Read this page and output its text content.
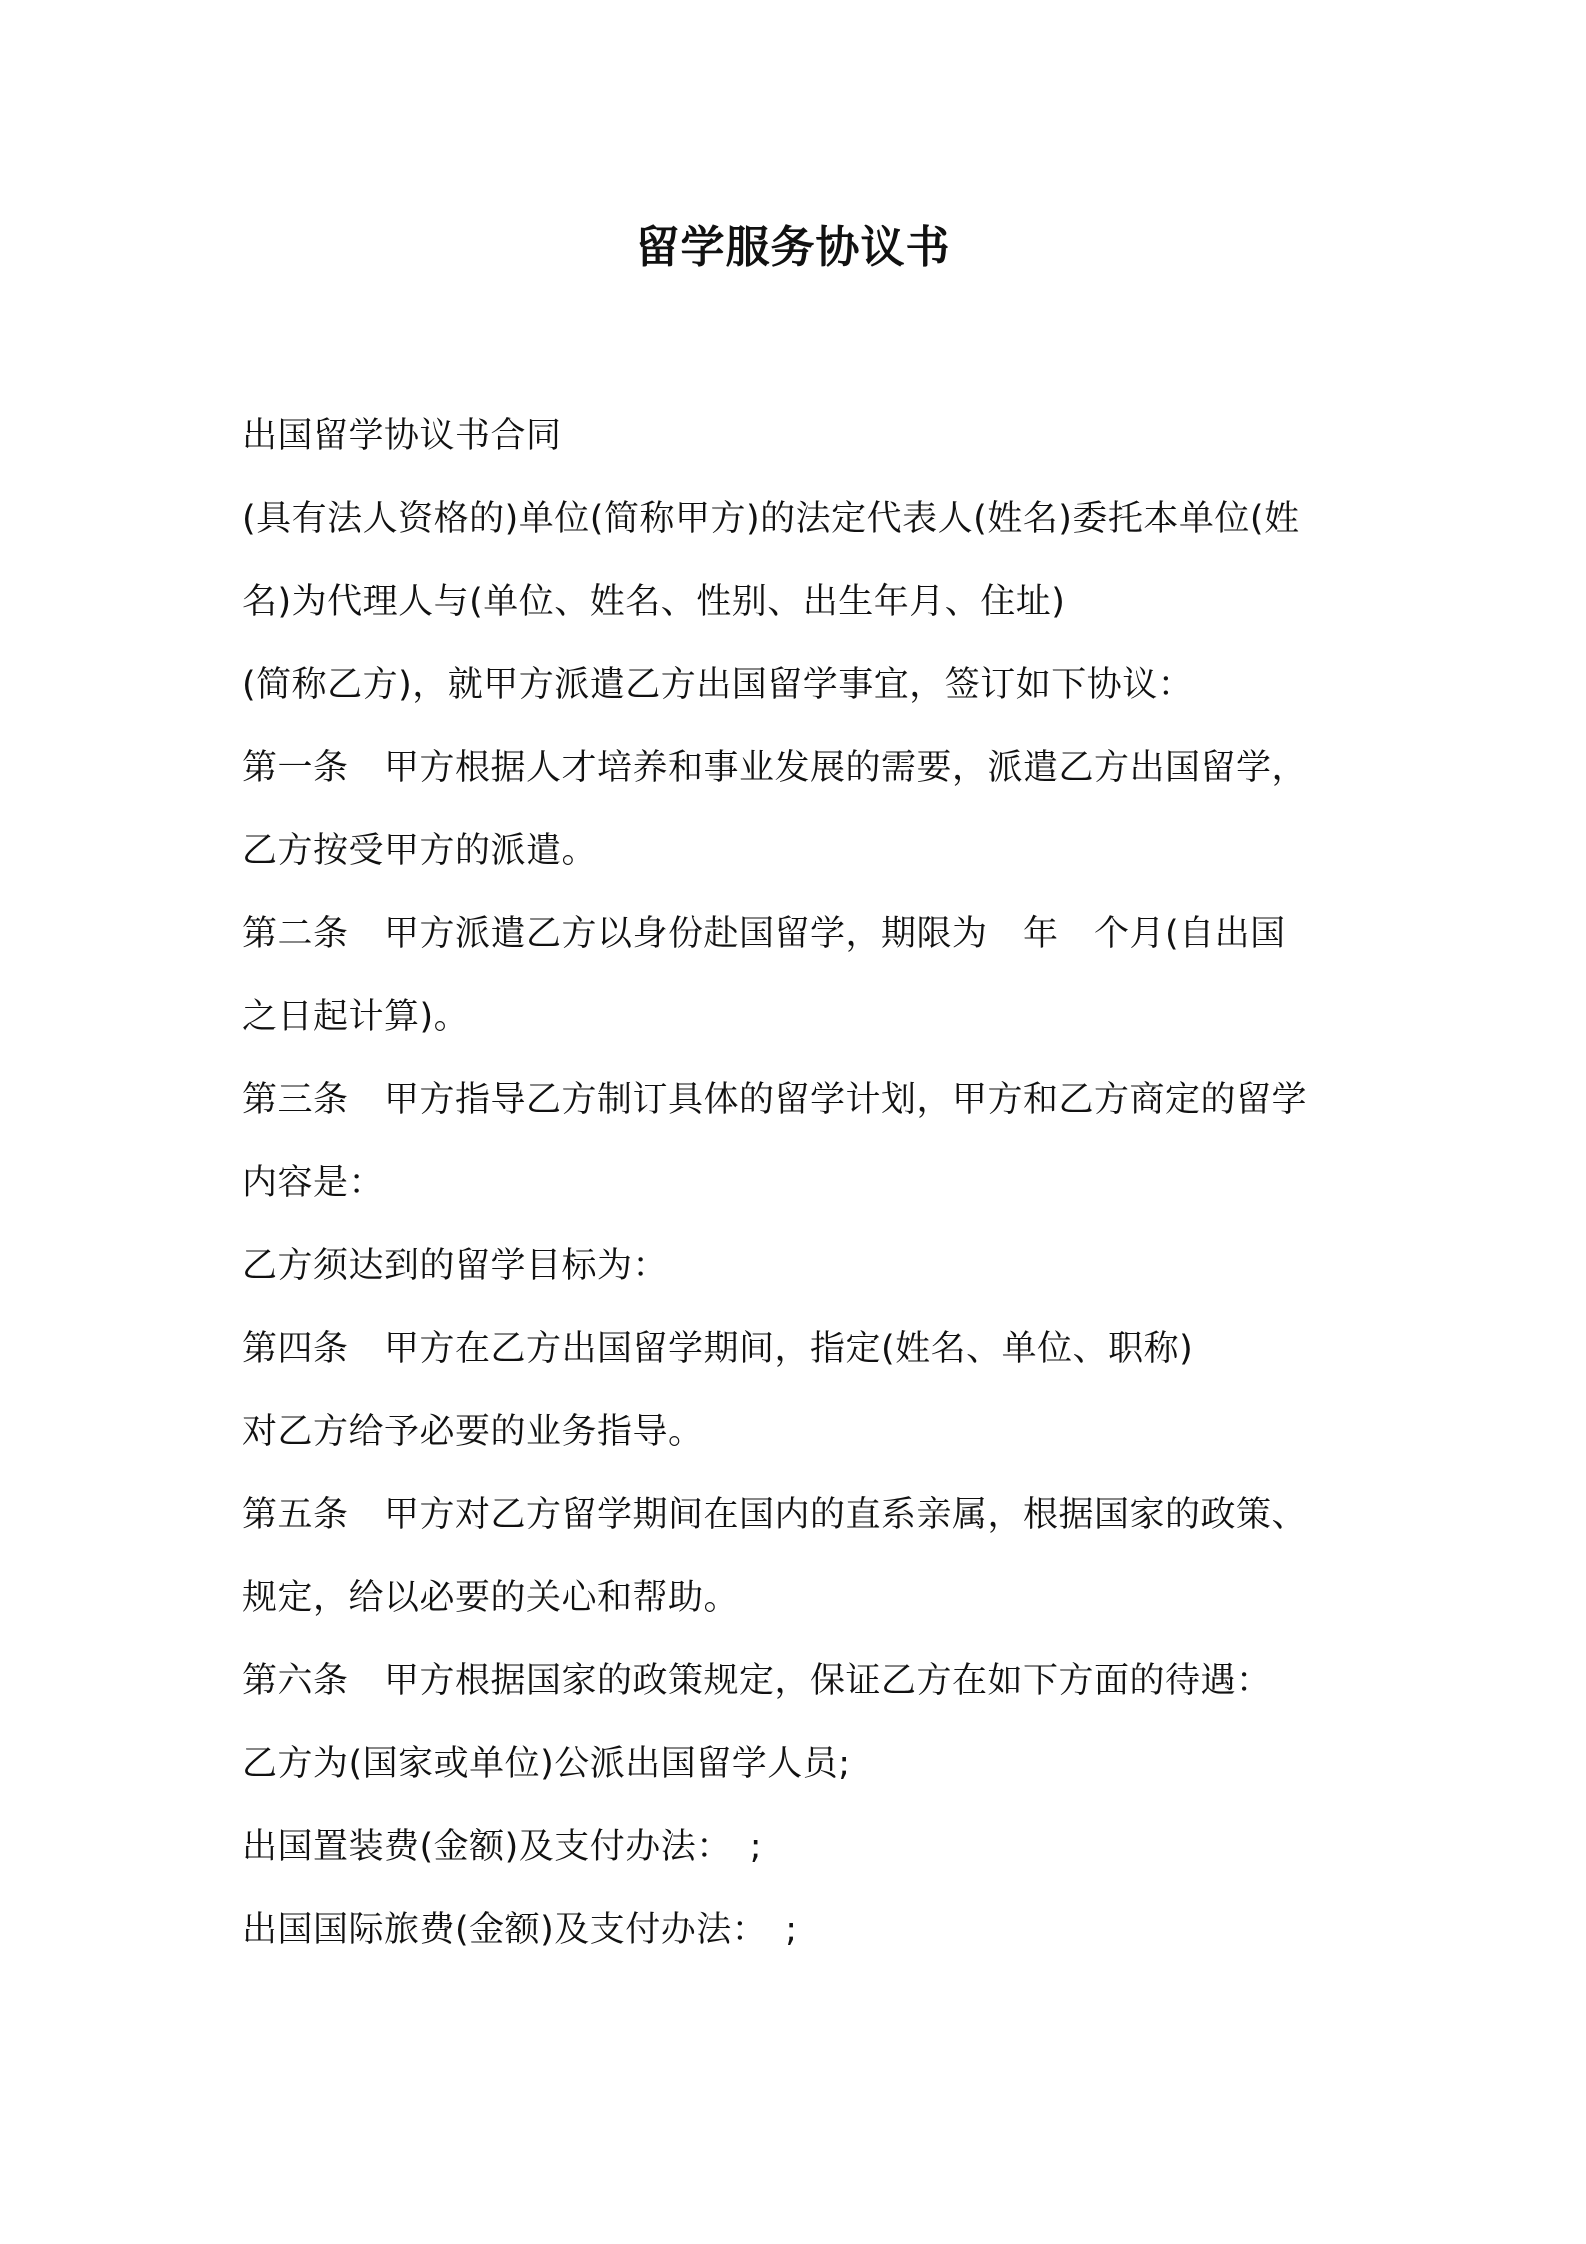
留学服务协议书
出国留学协议书合同
(具有法人资格的)单位(简称甲方)的法定代表人(姓名)委托本单位(姓
名)为代理人与(单位、姓名、性别、出生年月、住址)
(简称乙方)，就甲方派遣乙方出国留学事宜，签订如下协议：
第一条　甲方根据人才培养和事业发展的需要，派遣乙方出国留学，
乙方按受甲方的派遣。
第二条　甲方派遣乙方以身份赴国留学，期限为　年　个月(自出国
之日起计算)。
第三条　甲方指导乙方制订具体的留学计划，甲方和乙方商定的留学
内容是：
乙方须达到的留学目标为：
第四条　甲方在乙方出国留学期间，指定(姓名、单位、职称)
对乙方给予必要的业务指导。
第五条　甲方对乙方留学期间在国内的直系亲属，根据国家的政策、
规定，给以必要的关心和帮助。
第六条　甲方根据国家的政策规定，保证乙方在如下方面的待遇：
乙方为(国家或单位)公派出国留学人员;
出国置装费(金额)及支付办法：　;
出国国际旅费(金额)及支付办法：　;
